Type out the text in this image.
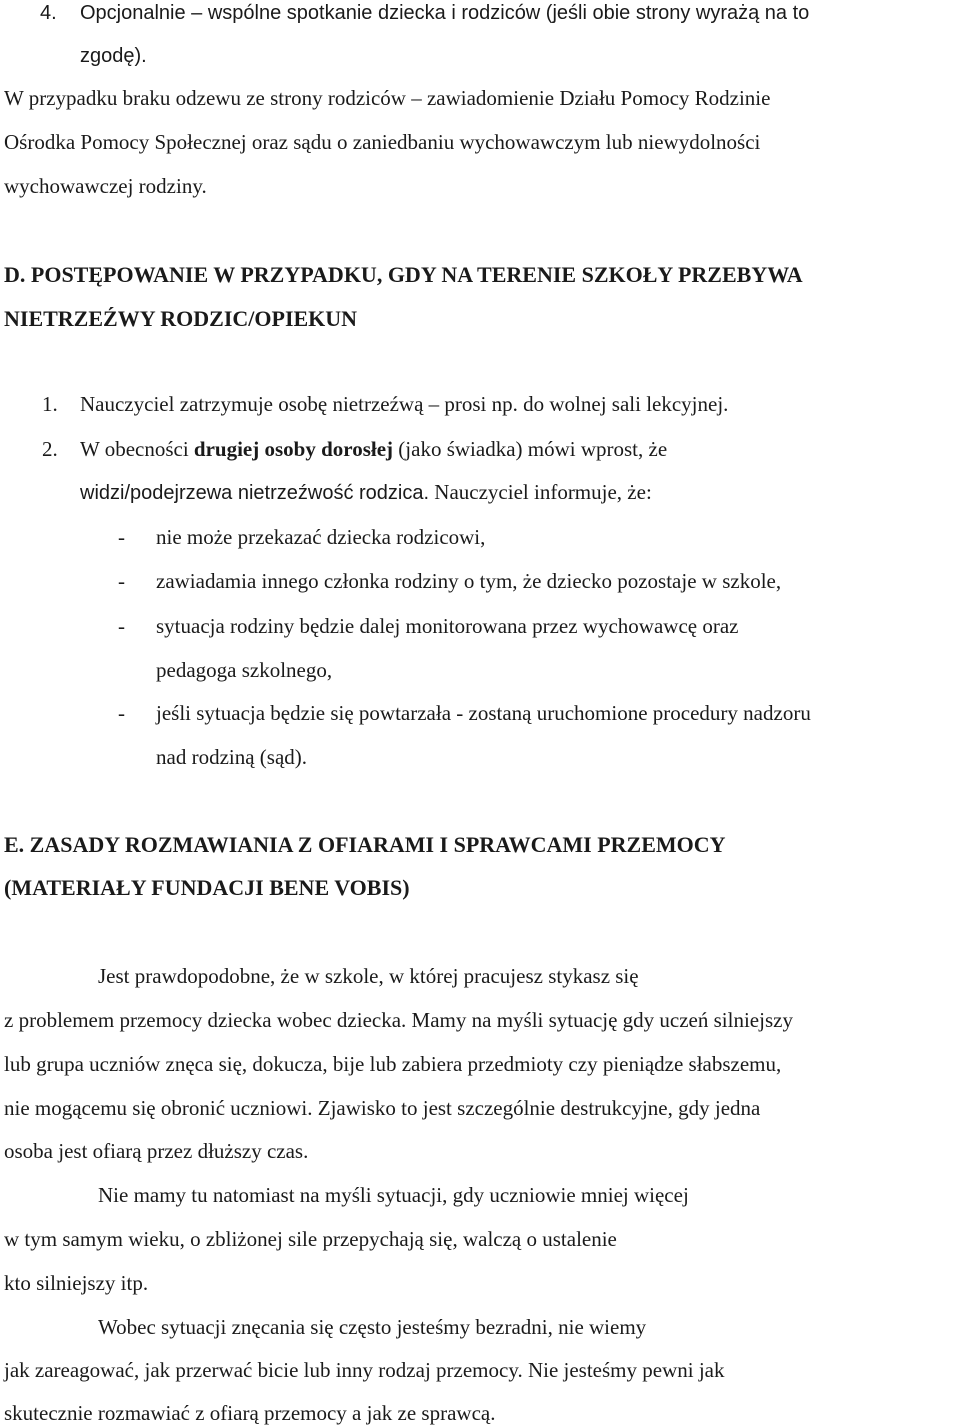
4. Opcjonalnie – wspólne spotkanie dziecka i rodziców (jeśli obie strony wyrażą na to
zgodę).
W przypadku braku odzewu ze strony rodziców – zawiadomienie Działu Pomocy Rodzinie
Ośrodka Pomocy Społecznej oraz sądu o zaniedbaniu wychowawczym lub niewydolności
wychowawczej rodziny.
D. POSTĘPOWANIE W PRZYPADKU, GDY NA TERENIE SZKOŁY PRZEBYWA
NIETRZEŹWY RODZIC/OPIEKUN
1. Nauczyciel zatrzymuje osobę nietrzeźwą – prosi np. do wolnej sali lekcyjnej.
2. W obecności drugiej osoby dorosłej (jako świadka) mówi wprost, że
widzi/podejrzewa nietrzeźwość rodzica. Nauczyciel informuje, że:
- nie może przekazać dziecka rodzicowi,
- zawiadamia innego członka rodziny o tym, że dziecko pozostaje w szkole,
- sytuacja rodziny będzie dalej monitorowana przez wychowawcę oraz
pedagoga szkolnego,
- jeśli sytuacja będzie się powtarzała - zostaną uruchomione procedury nadzoru
nad rodziną (sąd).
E. ZASADY ROZMAWIANIA Z OFIARAMI I SPRAWCAMI PRZEMOCY
(MATERIAŁY FUNDACJI BENE VOBIS)
Jest prawdopodobne, że w szkole, w której pracujesz stykasz się
z problemem przemocy dziecka wobec dziecka. Mamy na myśli sytuację gdy uczeń silniejszy
lub grupa uczniów znęca się, dokucza, bije lub zabiera przedmioty czy pieniądze słabszemu,
nie mogącemu się obronić uczniowi. Zjawisko to jest szczególnie destrukcyjne, gdy jedna
osoba jest ofiarą przez dłuższy czas.
Nie mamy tu natomiast na myśli sytuacji, gdy uczniowie mniej więcej
w tym samym wieku, o zbliżonej sile przepychają się, walczą o ustalenie
kto silniejszy itp.
Wobec sytuacji znęcania się często jesteśmy bezradni, nie wiemy
jak zareagować, jak przerwać bicie lub inny rodzaj przemocy. Nie jesteśmy pewni jak
skutecznie rozmawiać z ofiarą przemocy a jak ze sprawcą.
